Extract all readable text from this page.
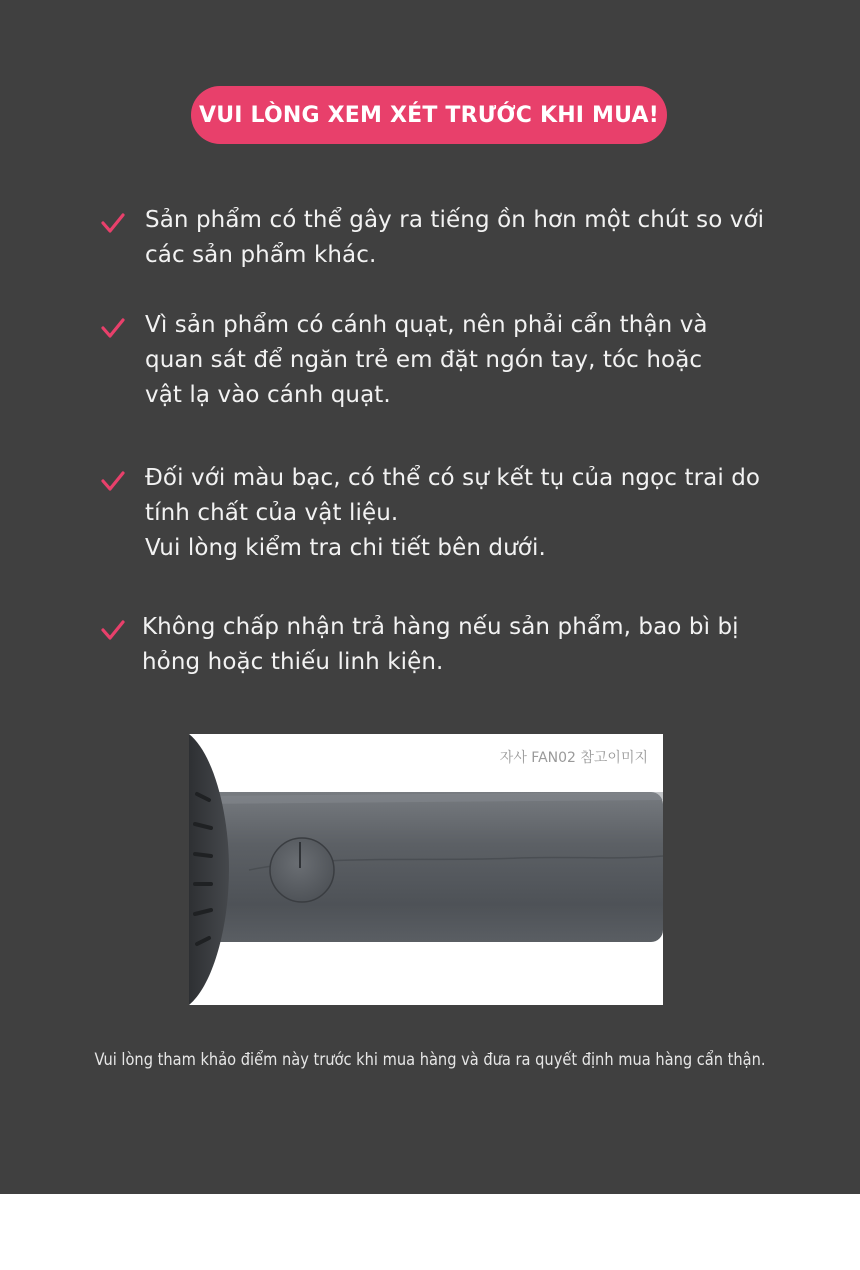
VUI LÒNG XEM XÉT TRƯỚC KHI MUA!
Sản phẩm có thể gây ra tiếng ồn hơn một chút so với
các sản phẩm khác.
Vì sản phẩm có cánh quạt, nên phải cẩn thận và
quan sát để ngăn trẻ em đặt ngón tay, tóc hoặc
vật lạ vào cánh quạt.
Đối với màu bạc, có thể có sự kết tụ của ngọc trai do
tính chất của vật liệu.
Vui lòng kiểm tra chi tiết bên dưới.
Không chấp nhận trả hàng nếu sản phẩm, bao bì bị
hỏng hoặc thiếu linh kiện.
자사 FAN02 참고이미지
Vui lòng tham khảo điểm này trước khi mua hàng và đưa ra quyết định mua hàng cẩn thận.
